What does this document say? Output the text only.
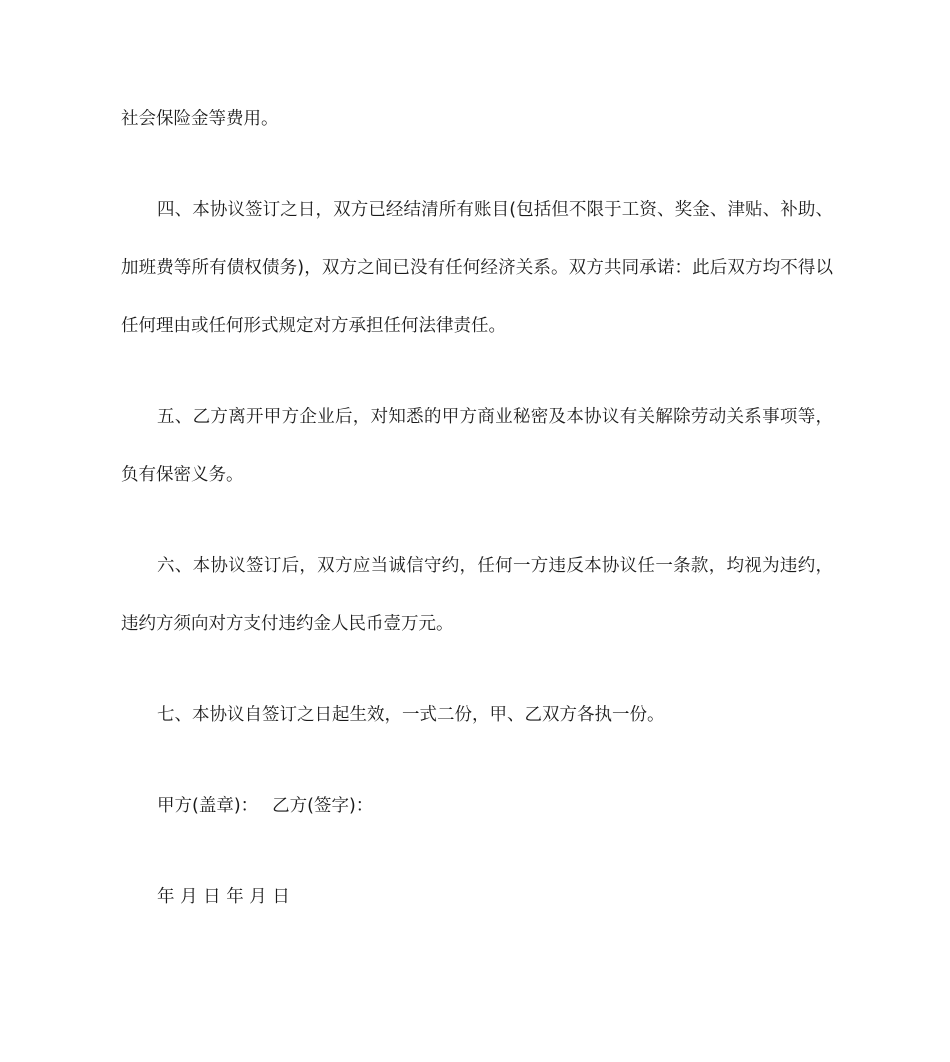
社会保险金等费用。

四、本协议签订之日，双方已经结清所有账目(包括但不限于工资、奖金、津贴、补助、加班费等所有债权债务)，双方之间已没有任何经济关系。双方共同承诺：此后双方均不得以任何理由或任何形式规定对方承担任何法律责任。

五、乙方离开甲方企业后，对知悉的甲方商业秘密及本协议有关解除劳动关系事项等，负有保密义务。

六、本协议签订后，双方应当诚信守约，任何一方违反本协议任一条款，均视为违约，违约方须向对方支付违约金人民币壹万元。

七、本协议自签订之日起生效，一式二份，甲、乙双方各执一份。

甲方(盖章)： 乙方(签字)：

年 月 日 年 月 日
